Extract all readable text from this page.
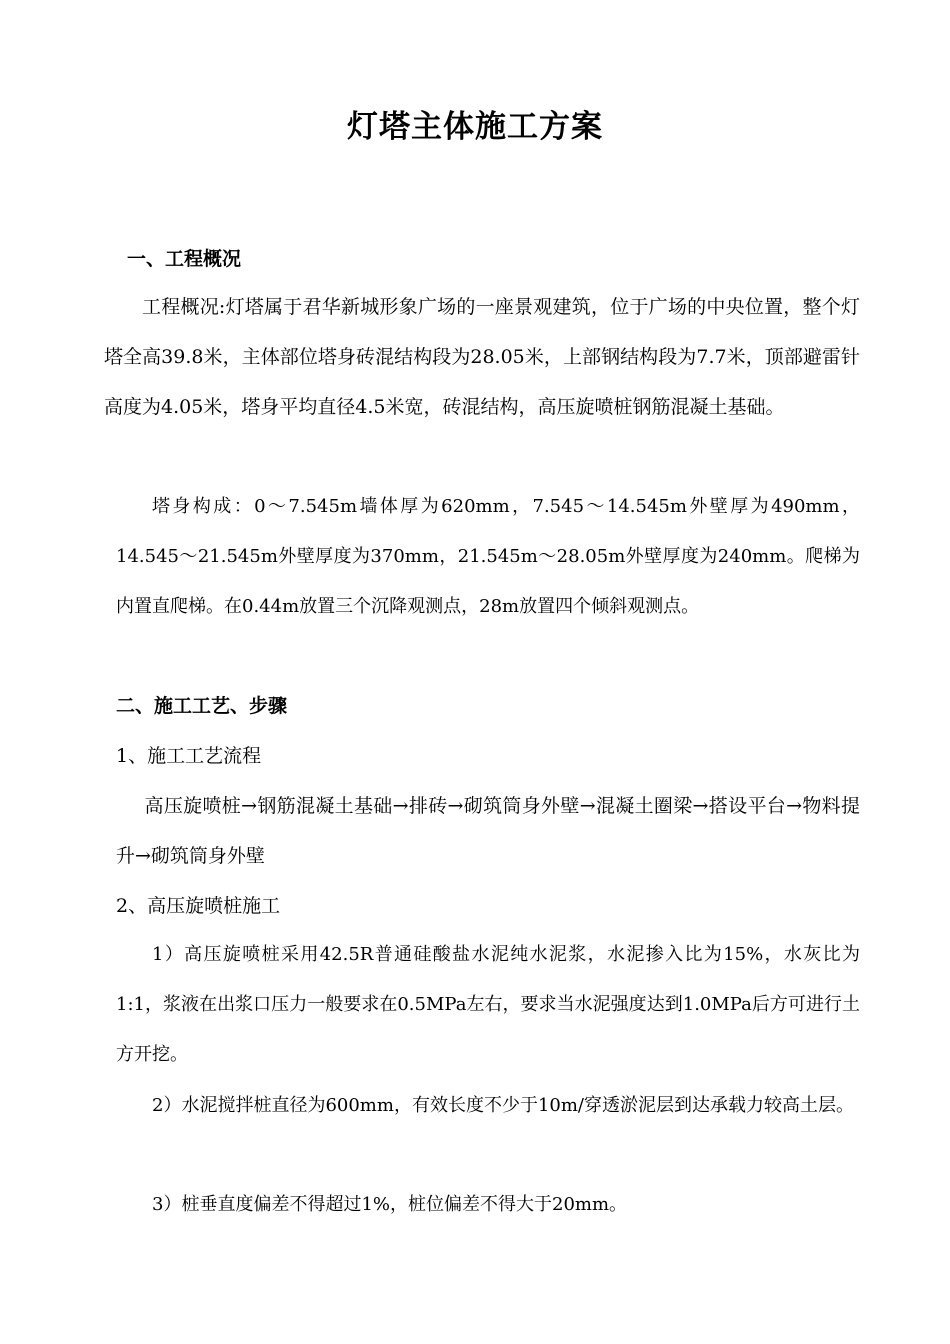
灯塔主体施工方案
一、工程概况
工程概况:灯塔属于君华新城形象广场的一座景观建筑，位于广场的中央位置，整个灯塔全高39.8米，主体部位塔身砖混结构段为28.05米，上部钢结构段为7.7米，顶部避雷针高度为4.05米，塔身平均直径4.5米宽，砖混结构，高压旋喷桩钢筋混凝土基础。
塔身构成：0～7.545m墙体厚为620mm，7.545～14.545m外壁厚为490mm，14.545～21.545m外壁厚度为370mm，21.545m～28.05m外壁厚度为240mm。爬梯为内置直爬梯。在0.44m放置三个沉降观测点，28m放置四个倾斜观测点。
二、施工工艺、步骤
1、施工工艺流程
高压旋喷桩→钢筋混凝土基础→排砖→砌筑筒身外壁→混凝土圈梁→搭设平台→物料提升→砌筑筒身外壁
2、高压旋喷桩施工
1）高压旋喷桩采用42.5R普通硅酸盐水泥纯水泥浆，水泥掺入比为15%，水灰比为1:1，浆液在出浆口压力一般要求在0.5MPa左右，要求当水泥强度达到1.0MPa后方可进行土方开挖。
2）水泥搅拌桩直径为600mm，有效长度不少于10m/穿透淤泥层到达承载力较高土层。
3）桩垂直度偏差不得超过1%，桩位偏差不得大于20mm。
